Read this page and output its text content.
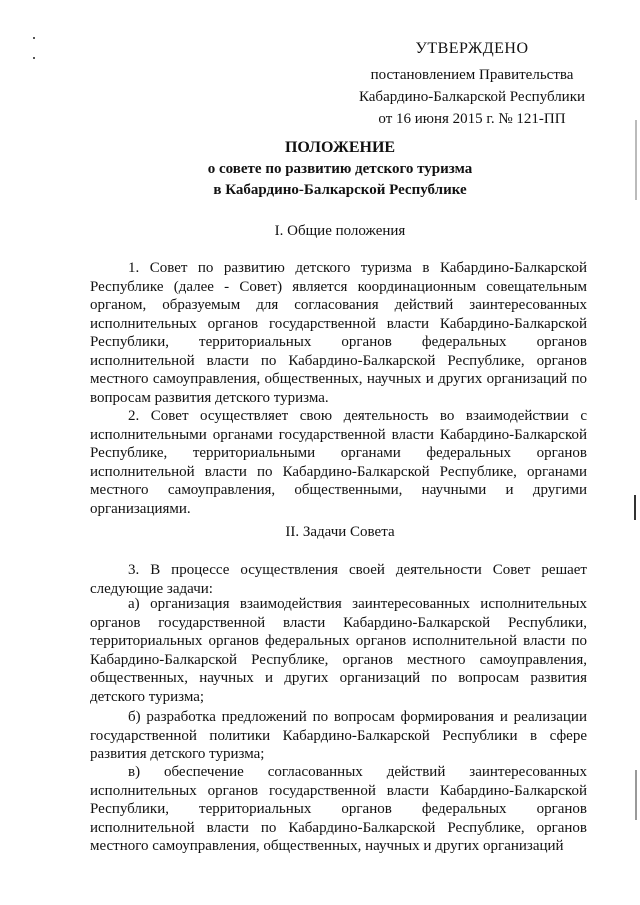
УТВЕРЖДЕНО
постановлением Правительства
Кабардино-Балкарской Республики
от 16 июня 2015 г. № 121-ПП
ПОЛОЖЕНИЕ
о совете по развитию детского туризма
в Кабардино-Балкарской Республике
I. Общие положения
1. Совет по развитию детского туризма в Кабардино-Балкарской Республике (далее - Совет) является координационным совещательным органом, образуемым для согласования действий заинтересованных исполнительных органов государственной власти Кабардино-Балкарской Республики, территориальных органов федеральных органов исполнительной власти по Кабардино-Балкарской Республике, органов местного самоуправления, общественных, научных и других организаций по вопросам развития детского туризма.
2. Совет осуществляет свою деятельность во взаимодействии с исполнительными органами государственной власти Кабардино-Балкарской Республике, территориальными органами федеральных органов исполнительной власти по Кабардино-Балкарской Республике, органами местного самоуправления, общественными, научными и другими организациями.
II. Задачи Совета
3. В процессе осуществления своей деятельности Совет решает следующие задачи:
а) организация взаимодействия заинтересованных исполнительных органов государственной власти Кабардино-Балкарской Республики, территориальных органов федеральных органов исполнительной власти по Кабардино-Балкарской Республике, органов местного самоуправления, общественных, научных и других организаций по вопросам развития детского туризма;
б) разработка предложений по вопросам формирования и реализации государственной политики Кабардино-Балкарской Республики в сфере развития детского туризма;
в) обеспечение согласованных действий заинтересованных исполнительных органов государственной власти Кабардино-Балкарской Республики, территориальных органов федеральных органов исполнительной власти по Кабардино-Балкарской Республике, органов местного самоуправления, общественных, научных и других организаций
